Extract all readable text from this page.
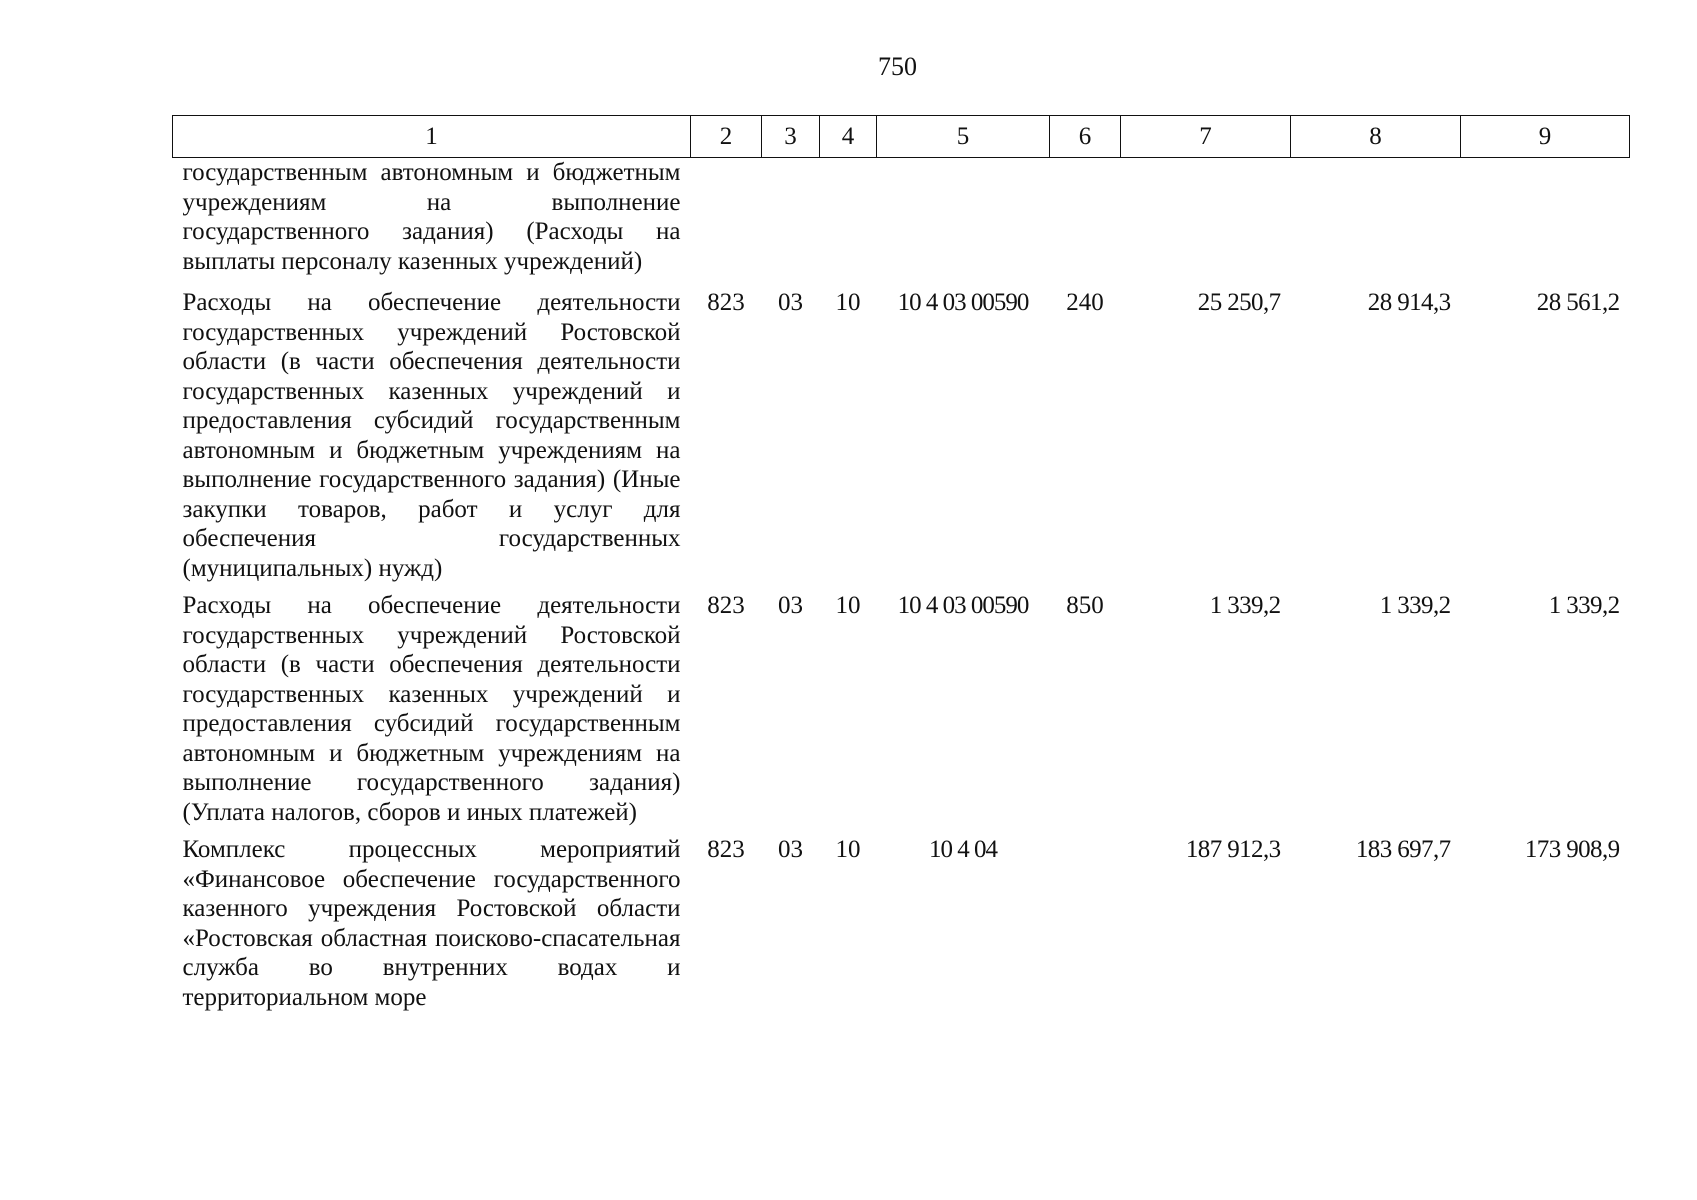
750
1	2	3	4	5	6	7	8	9
государственным автономным и бюджетным учреждениям на выполнение государственного задания) (Расходы на выплаты персоналу казенных учреждений)								
Расходы на обеспечение деятельности государственных учреждений Ростовской области (в части обеспечения деятельности государственных казенных учреждений и предоставления субсидий государственным автономным и бюджетным учреждениям на выполнение государственного задания) (Иные закупки товаров, работ и услуг для обеспечения государственных (муниципальных) нужд)	823	03	10	10 4 03 00590	240	25 250,7	28 914,3	28 561,2
Расходы на обеспечение деятельности государственных учреждений Ростовской области (в части обеспечения деятельности государственных казенных учреждений и предоставления субсидий государственным автономным и бюджетным учреждениям на выполнение государственного задания) (Уплата налогов, сборов и иных платежей)	823	03	10	10 4 03 00590	850	1 339,2	1 339,2	1 339,2
Комплекс процессных мероприятий «Финансовое обеспечение государственного казенного учреждения Ростовской области «Ростовская областная поисково-спасательная служба во внутренних водах и территориальном море	823	03	10	10 4 04		187 912,3	183 697,7	173 908,9
